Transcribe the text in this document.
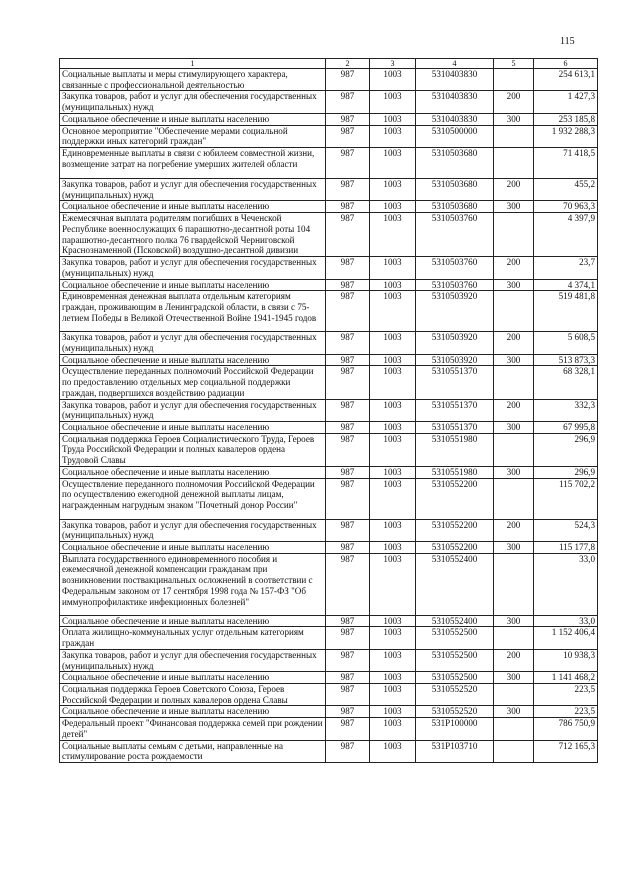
115
1	2	3	4	5	6
Социальные выплаты и меры стимулирующего характера, связанные с профессиональной деятельностью	987	1003	5310403830		254 613,1
Закупка товаров, работ и услуг для обеспечения государственных (муниципальных) нужд	987	1003	5310403830	200	1 427,3
Социальное обеспечение и иные выплаты населению	987	1003	5310403830	300	253 185,8
Основное мероприятие "Обеспечение мерами социальной поддержки иных категорий граждан"	987	1003	5310500000		1 932 288,3
Единовременные выплаты в связи с юбилеем совместной жизни, возмещение затрат на погребение умерших жителей области	987	1003	5310503680		71 418,5
Закупка товаров, работ и услуг для обеспечения государственных (муниципальных) нужд	987	1003	5310503680	200	455,2
Социальное обеспечение и иные выплаты населению	987	1003	5310503680	300	70 963,3
Ежемесячная выплата родителям погибших в Чеченской Республике военнослужащих 6 парашютно-десантной роты 104 парашютно-десантного полка 76 гвардейской Черниговской Краснознаменной (Псковской) воздушно-десантной дивизии	987	1003	5310503760		4 397,9
Закупка товаров, работ и услуг для обеспечения государственных (муниципальных) нужд	987	1003	5310503760	200	23,7
Социальное обеспечение и иные выплаты населению	987	1003	5310503760	300	4 374,1
Единовременная денежная выплата отдельным категориям граждан, проживающим в Ленинградской области, в связи с 75-летием Победы в Великой Отечественной Войне 1941-1945 годов	987	1003	5310503920		519 481,8
Закупка товаров, работ и услуг для обеспечения государственных (муниципальных) нужд	987	1003	5310503920	200	5 608,5
Социальное обеспечение и иные выплаты населению	987	1003	5310503920	300	513 873,3
Осуществление переданных полномочий Российской Федерации по предоставлению отдельных мер социальной поддержки граждан, подвергшихся воздействию радиации	987	1003	5310551370		68 328,1
Закупка товаров, работ и услуг для обеспечения государственных (муниципальных) нужд	987	1003	5310551370	200	332,3
Социальное обеспечение и иные выплаты населению	987	1003	5310551370	300	67 995,8
Социальная поддержка Героев Социалистического Труда, Героев Труда Российской Федерации и полных кавалеров ордена Трудовой Славы	987	1003	5310551980		296,9
Социальное обеспечение и иные выплаты населению	987	1003	5310551980	300	296,9
Осуществление переданного полномочия Российской Федерации по осуществлению ежегодной денежной выплаты лицам, награжденным нагрудным знаком "Почетный донор России"	987	1003	5310552200		115 702,2
Закупка товаров, работ и услуг для обеспечения государственных (муниципальных) нужд	987	1003	5310552200	200	524,3
Социальное обеспечение и иные выплаты населению	987	1003	5310552200	300	115 177,8
Выплата государственного единовременного пособия и ежемесячной денежной компенсации гражданам при возникновении поствакцинальных осложнений в соответствии с Федеральным законом от 17 сентября 1998 года № 157-ФЗ "Об иммунопрофилактике инфекционных болезней"	987	1003	5310552400		33,0
Социальное обеспечение и иные выплаты населению	987	1003	5310552400	300	33,0
Оплата жилищно-коммунальных услуг отдельным категориям граждан	987	1003	5310552500		1 152 406,4
Закупка товаров, работ и услуг для обеспечения государственных (муниципальных) нужд	987	1003	5310552500	200	10 938,3
Социальное обеспечение и иные выплаты населению	987	1003	5310552500	300	1 141 468,2
Социальная поддержка Героев Советского Союза, Героев Российской Федерации и полных кавалеров ордена Славы	987	1003	5310552520		223,5
Социальное обеспечение и иные выплаты населению	987	1003	5310552520	300	223,5
Федеральный проект "Финансовая поддержка семей при рождении детей"	987	1003	531P100000		786 750,9
Социальные выплаты семьям с детьми, направленные на стимулирование роста рождаемости	987	1003	531P103710		712 165,3
